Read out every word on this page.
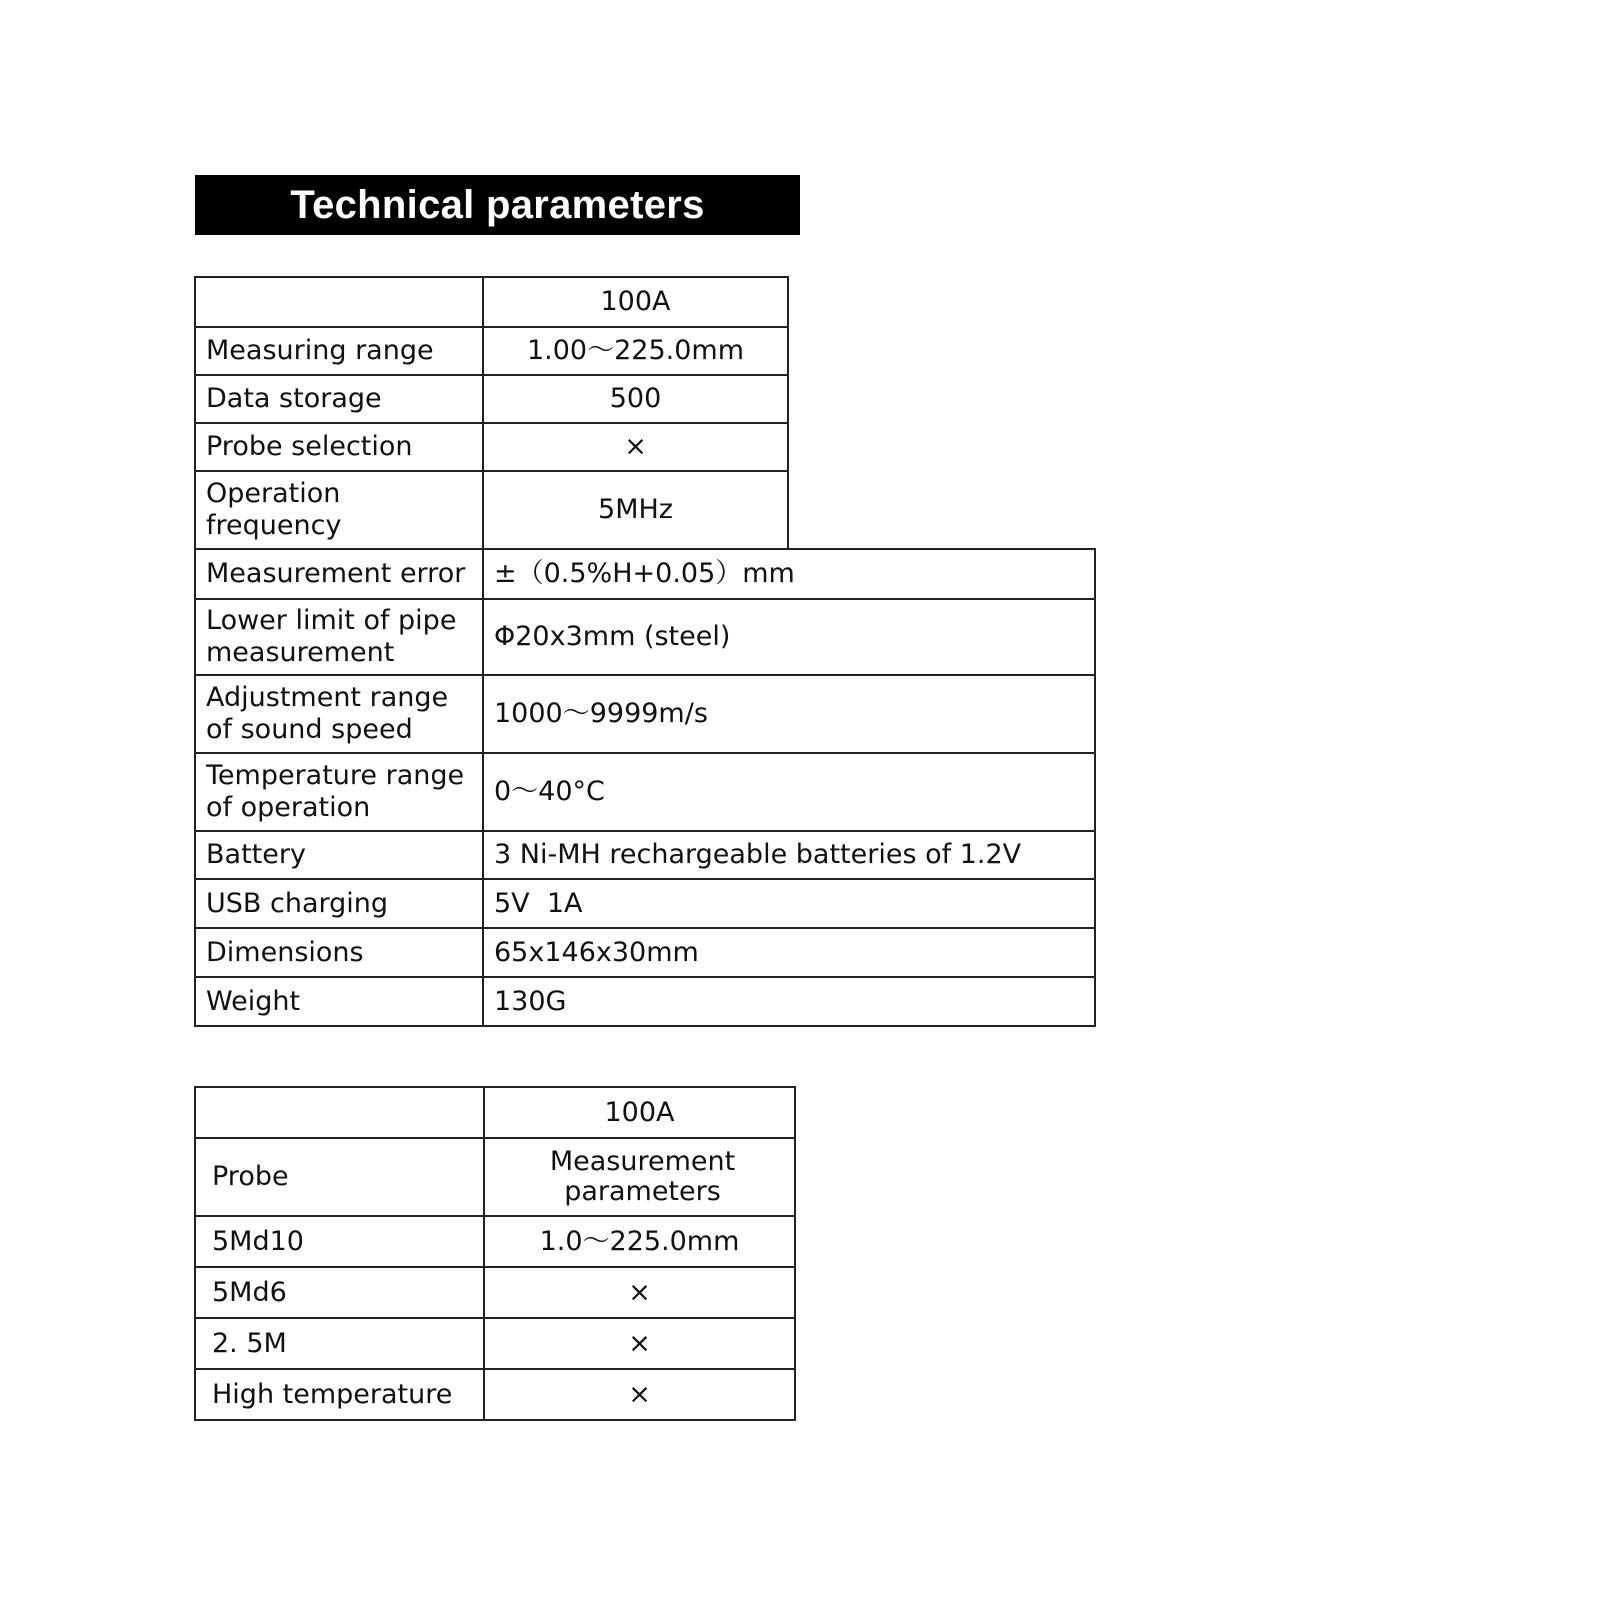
Technical parameters
	100A	
Measuring range	1.00～225.0mm	
Data storage	500	
Probe selection	×	
Operation frequency	5MHz	
Measurement error	±（0.5%H+0.05）mm	
Lower limit of pipe measurement	Φ20x3mm (steel)	
Adjustment range of sound speed	1000～9999m/s	
Temperature range of operation	0～40°C	
Battery	3 Ni-MH rechargeable batteries of 1.2V	
USB charging	5V  1A	
Dimensions	65x146x30mm	
Weight	130G	
	100A
Probe	Measurement parameters
5Md10	1.0～225.0mm
5Md6	×
2. 5M	×
High temperature	×
